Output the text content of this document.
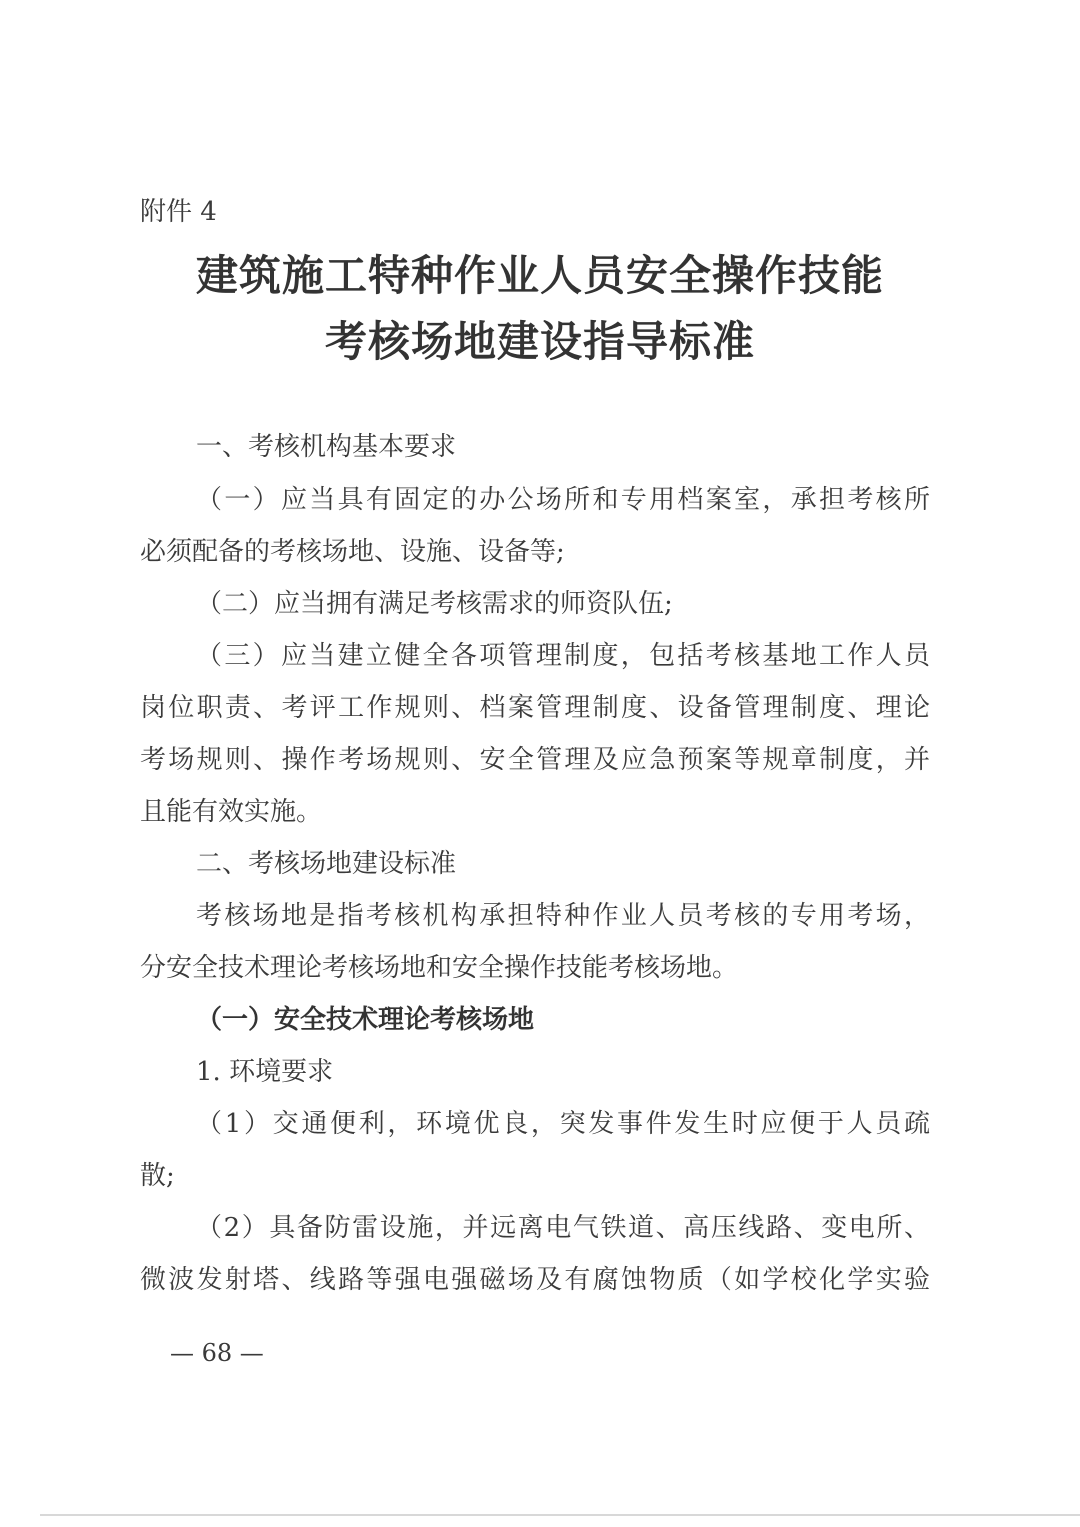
附件 4
建筑施工特种作业人员安全操作技能
考核场地建设指导标准
一、考核机构基本要求
（一）应当具有固定的办公场所和专用档案室，承担考核所
必须配备的考核场地、设施、设备等;
（二）应当拥有满足考核需求的师资队伍;
（三）应当建立健全各项管理制度，包括考核基地工作人员
岗位职责、考评工作规则、档案管理制度、设备管理制度、理论
考场规则、操作考场规则、安全管理及应急预案等规章制度，并
且能有效实施。
二、考核场地建设标准
考核场地是指考核机构承担特种作业人员考核的专用考场，
分安全技术理论考核场地和安全操作技能考核场地。
（一）安全技术理论考核场地
1. 环境要求
（1）交通便利，环境优良，突发事件发生时应便于人员疏
散;
（2）具备防雷设施，并远离电气铁道、高压线路、变电所、
微波发射塔、线路等强电强磁场及有腐蚀物质（如学校化学实验
— 68 —
